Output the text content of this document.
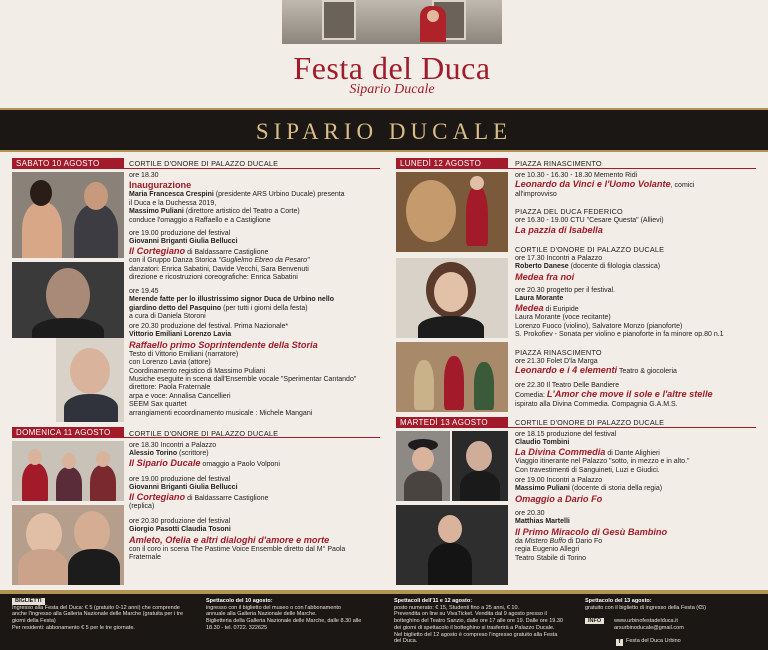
Festa del Duca
Sipario Ducale
SIPARIO DUCALE
SABATO 10 AGOSTO	CORTILE D'ONORE DI PALAZZO DUCALE
ore 18.30
Inaugurazione
Maria Francesca Crespini (presidente ARS Urbino Ducale) presenta
il Duca e la Duchessa 2019,
Massimo Puliani (direttore artistico del Teatro a Corte)
conduce l'omaggio a Raffaello e a Castiglione
ore 19.00 produzione del festival
Giovanni Briganti Giulia Bellucci
Il Cortegiano di Baldassarre Castiglione
con il Gruppo Danza Storica "Guglielmo Ebreo da Pesaro"
danzatori: Enrica Sabatini, Davide Vecchi, Sara Benvenuti
direzione e ricostruzioni coreografiche: Enrica Sabatini
ore 19.45
Merende fatte per lo illustrissimo signor Duca de Urbino nello
giardino detto del Pasquino (per tutti i giorni della festa)
a cura di Daniela Storoni
ore 20.30 produzione del festival. Prima Nazionale*
Vittorio Emiliani Lorenzo Lavia
Raffaello primo Soprintendente della Storia
Testo di Vittorio Emiliani (narratore)
con Lorenzo Lavia (attore)
Coordinamento registico di Massimo Puliani
Musiche eseguite in scena dall'Ensemble vocale "Sperimentar Cantando"
direttore: Paola Fraternale
arpa e voce: Annalisa Cancellieri
SEEM Sax quartet
arrangiamenti ecoordinamento musicale : Michele Mangani
DOMENICA 11 AGOSTO	CORTILE D'ONORE DI PALAZZO DUCALE
ore 18.30 Incontri a Palazzo
Alessio Torino (scrittore)
Il Sipario Ducale omaggio a Paolo Volponi
ore 19.00 produzione del festival
Giovanni Briganti Giulia Bellucci
Il Cortegiano di Baldassarre Castiglione
(replica)
ore 20.30 produzione del festival
Giorgio Pasotti Claudia Tosoni
Amleto, Ofelia e altri dialoghi d'amore e morte
con il coro in scena The Pastime Voice Ensemble diretto dal M° Paola
Fraternale
LUNEDÌ 12 AGOSTO	PIAZZA RINASCIMENTO
ore 10.30 - 16.30 - 18.30 Memento Ridi
Leonardo da Vinci e l'Uomo Volante, comici
all'improvviso
PIAZZA DEL DUCA FEDERICO
ore 16.30 - 19.00 CTU "Cesare Questa" (Allievi)
La pazzia di Isabella
CORTILE D'ONORE DI PALAZZO DUCALE
ore 17.30 Incontri a Palazzo
Roberto Danese (docente di filologia classica)
Medea fra noi
ore 20.30 progetto per il festival.
Laura Morante
Medea di Euripide
Laura Morante (voce recitante)
Lorenzo Fuoco (violino), Salvatore Monzo (pianoforte)
S. Prokofiev - Sonata per violino e pianoforte in fa minore op.80 n.1
PIAZZA RINASCIMENTO
ore 21.30 Folet D'la Marga
Leonardo e i 4 elementi Teatro & giocoleria
ore 22.30 Il Teatro Delle Bandiere
Comedia: L'Amor che move il sole e l'altre stelle
ispirato alla Divina Commedia. Compagnia G.A.M.S.
MARTEDÌ 13 AGOSTO	CORTILE D'ONORE DI PALAZZO DUCALE
ore 18.15 produzione del festival
Claudio Tombini
La Divina Commedia di Dante Alighieri
Viaggio itinerante nel Palazzo "sotto, in mezzo e in alto."
Con travestimenti di Sanguineti, Luzi e Giudici.
ore 19.00 Incontri a Palazzo
Massimo Puliani (docente di storia della regia)
Omaggio a Dario Fo
ore 20.30
Matthias Martelli
Il Primo Miracolo di Gesù Bambino
da Mistero Buffo di Dario Fo
regia Eugenio Allegri
Teatro Stabile di Torino
BIGLIETTI
Ingresso alla Festa del Duca: € 5 (gratuito 0-12 anni) che comprende
anche l'ingresso alla Galleria Nazionale delle Marche (gratuita per i tre
giorni della Festa)
Per residenti: abbonamento € 5 per le tre giornate.
Spettacolo del 10 agosto:
ingresso con il biglietto del museo o con l'abbonamento
annuale alla Galleria Nazionale delle Marche.
Biglietteria della Galleria Nazionale delle Marche, dalle 8.30 alle
18.30 - tel. 0722. 322625
Spettacoli dell'11 e 12 agosto:
posto numerato: € 15, Studenti fino a 25 anni, € 10.
Prevendita on line su VivaTicket. Vendita dal 9 agosto presso il
botteghino del Teatro Sanzio, dalle ore 17 alle ore 19. Dalle ore 19.30
dei giorni di spettacolo il botteghino si trasferirà a Palazzo Ducale.
Nel biglietto del 12 agosto è compreso l'ingresso gratuito alla Festa
del Duca.
Spettacolo del 13 agosto:
gratuito con il biglietto di ingresso della Festa (€5)
INFO	www.urbinofestadelduca.it
arsurbinoducale@gmail.com
f	Festa del Duca Urbino
